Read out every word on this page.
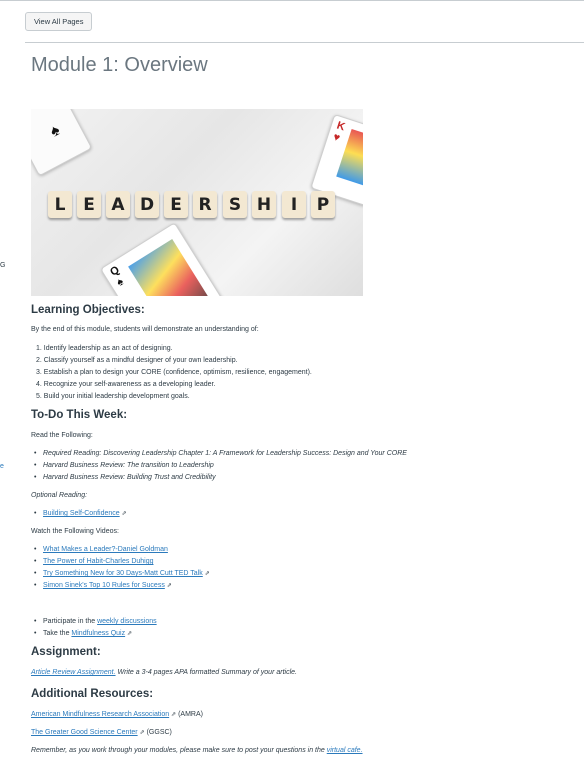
G
e
View All Pages
Module 1: Overview
♠	K
♥
Q
♠
L	E A D E R	S H	I	P
Learning Objectives:

By the end of this module, students will demonstrate an understanding of:

1. Identify leadership as an act of designing.
2. Classify yourself as a mindful designer of your own leadership.
3. Establish a plan to design your CORE (confidence, optimism, resilience, engagement).
4. Recognize your self-awareness as a developing leader.
5. Build your initial leadership development goals.
To-Do This Week:

Read the Following:

• Required Reading: Discovering Leadership Chapter 1: A Framework for Leadership Success: Design and Your CORE
• Harvard Business Review: The transition to Leadership
• Harvard Business Review: Building Trust and Credibility

Optional Reading:

• Building Self-Confidence ⇗

Watch the Following Videos:

• What Makes a Leader?-Daniel Goldman
• The Power of Habit-Charles Duhigg
• Try Something New for 30 Days-Matt Cutt TED Talk ⇗
• Simon Sinek's Top 10 Rules for Sucess ⇗
• Participate in the weekly discussions
• Take the Mindfulness Quiz ⇗
Assignment:

Article Review Assignment. Write a 3-4 pages APA formatted Summary of your article.

Additional Resources:

American Mindfulness Research Association ⇗ (AMRA)

The Greater Good Science Center ⇗ (GGSC)

Remember, as you work through your modules, please make sure to post your questions in the virtual cafe.
